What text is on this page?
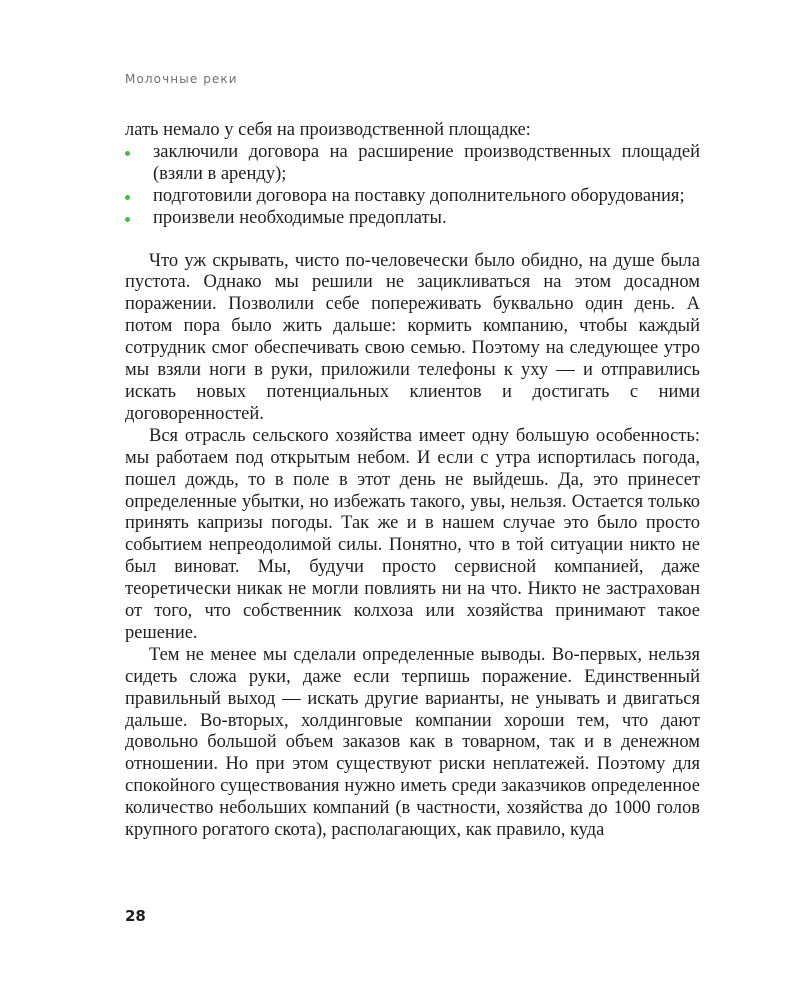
Молочные реки

лать немало у себя на производственной площадке:

заключили договора на расширение производственных площадей (взяли в аренду);
подготовили договора на поставку дополнительного оборудования;
произвели необходимые предоплаты.

Что уж скрывать, чисто по-человечески было обидно, на душе была пустота. Однако мы решили не зацикливаться на этом досадном поражении. Позволили себе попереживать буквально один день. А потом пора было жить дальше: кормить компанию, чтобы каждый сотрудник смог обеспечивать свою семью. Поэтому на следующее утро мы взяли ноги в руки, приложили телефоны к уху — и отправились искать новых потенциальных клиентов и достигать с ними договоренностей.

Вся отрасль сельского хозяйства имеет одну большую особенность: мы работаем под открытым небом. И если с утра испортилась погода, пошел дождь, то в поле в этот день не выйдешь. Да, это принесет определенные убытки, но избежать такого, увы, нельзя. Остается только принять капризы погоды. Так же и в нашем случае это было просто событием непреодолимой силы. Понятно, что в той ситуации никто не был виноват. Мы, будучи просто сервисной компанией, даже теоретически никак не могли повлиять ни на что. Никто не застрахован от того, что собственник колхоза или хозяйства принимают такое решение.

Тем не менее мы сделали определенные выводы. Во-первых, нельзя сидеть сложа руки, даже если терпишь поражение. Единственный правильный выход — искать другие варианты, не унывать и двигаться дальше. Во-вторых, холдинговые компании хороши тем, что дают довольно большой объем заказов как в товарном, так и в денежном отношении. Но при этом существуют риски неплатежей. Поэтому для спокойного существования нужно иметь среди заказчиков определенное количество небольших компаний (в частности, хозяйства до 1000 голов крупного рогатого скота), располагающих, как правило, куда

28
